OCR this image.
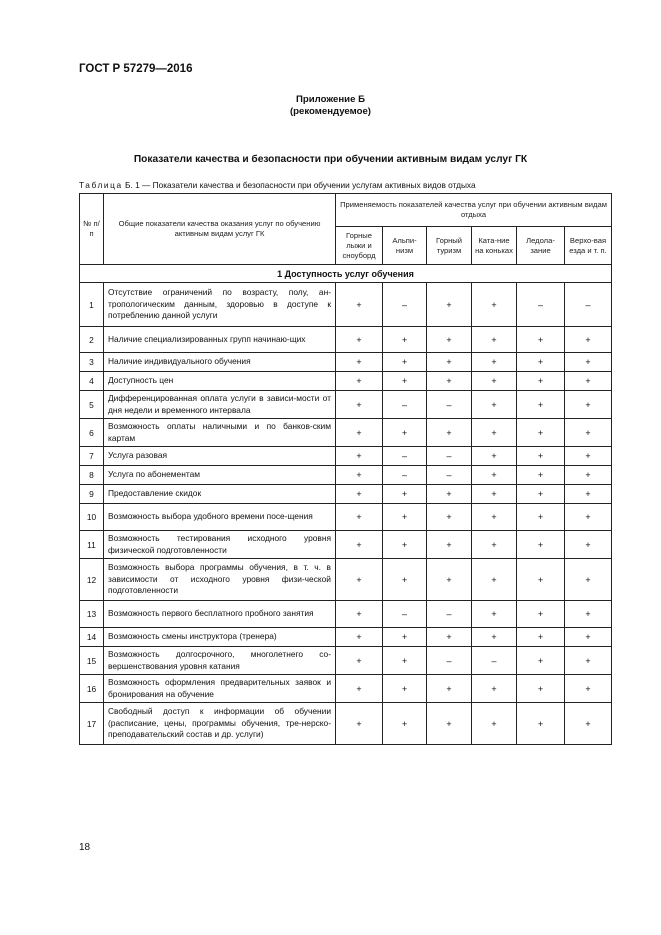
ГОСТ Р 57279—2016
Приложение Б
(рекомендуемое)
Показатели качества и безопасности при обучении активным видам услуг ГК
Таблица Б. 1 — Показатели качества и безопасности при обучении услугам активных видов отдыха
№ п/п	Общие показатели качества оказания услуг по обучению активным видам услуг ГК	Применяемость показателей качества услуг при обучении активным видам отдыха					
		Горные лыжи и сноуборд	Альпи-низм	Горный туризм	Ката-ние на коньках	Ледола-зание	Верхо-вая езда и т. п.
1 Доступность услуг обучения							
1	Отсутствие ограничений по возрасту, полу, ан-тропологическим данным, здоровью в доступе к потреблению данной услуги	+	–	+	+	–	–
2	Наличие специализированных групп начинаю-щих	+	+	+	+	+	+
3	Наличие индивидуального обучения	+	+	+	+	+	+
4	Доступность цен	+	+	+	+	+	+
5	Дифференцированная оплата услуги в зависи-мости от дня недели и временного интервала	+	–	–	+	+	+
6	Возможность оплаты наличными и по банков-ским картам	+	+	+	+	+	+
7	Услуга разовая	+	–	–	+	+	+
8	Услуга по абонементам	+	–	–	+	+	+
9	Предоставление скидок	+	+	+	+	+	+
10	Возможность выбора удобного времени посе-щения	+	+	+	+	+	+
11	Возможность тестирования исходного уровня физической подготовленности	+	+	+	+	+	+
12	Возможность выбора программы обучения, в т. ч. в зависимости от исходного уровня физи-ческой подготовленности	+	+	+	+	+	+
13	Возможность первого бесплатного пробного занятия	+	–	–	+	+	+
14	Возможность смены инструктора (тренера)	+	+	+	+	+	+
15	Возможность долгосрочного, многолетнего со-вершенствования уровня катания	+	+	–	–	+	+
16	Возможность оформления предварительных заявок и бронирования на обучение	+	+	+	+	+	+
17	Свободный доступ к информации об обучении (расписание, цены, программы обучения, тре-нерско-преподавательский состав и др. услуги)	+	+	+	+	+	+
18
